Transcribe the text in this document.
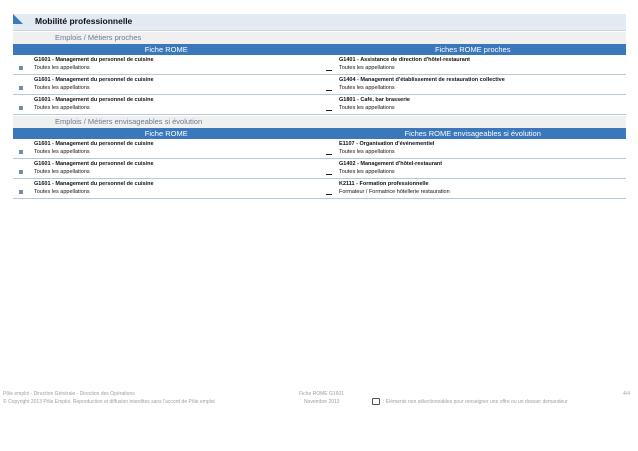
Mobilité professionnelle
Emplois / Métiers proches
Fiche ROME	Fiches ROME proches
G1601 - Management du personnel de cuisine
Toutes les appellations
G1401 - Assistance de direction d'hôtel-restaurant
Toutes les appellations
G1601 - Management du personnel de cuisine
Toutes les appellations
G1404 - Management d'établissement de restauration collective
Toutes les appellations
G1601 - Management du personnel de cuisine
Toutes les appellations
G1801 - Café, bar brasserie
Toutes les appellations
Emplois / Métiers envisageables si évolution
Fiche ROME	Fiches ROME envisageables si évolution
G1601 - Management du personnel de cuisine
Toutes les appellations
E1107 - Organisation d'événementiel
Toutes les appellations
G1601 - Management du personnel de cuisine
Toutes les appellations
G1402 - Management d'hôtel-restaurant
Toutes les appellations
G1601 - Management du personnel de cuisine
Toutes les appellations
K2111 - Formation professionnelle
Formateur / Formatrice hôtellerie restauration
Pôle emploi - Direction Générale - Direction des Opérations
© Copyright 2013 Pôle Emploi. Reproduction et diffusion interdites sans l'accord de Pôle emploi
Fiche ROME G1601
Novembre 2013
4/4
: Eléments non sélectionnables pour renseigner une offre ou un dossier demandeur
